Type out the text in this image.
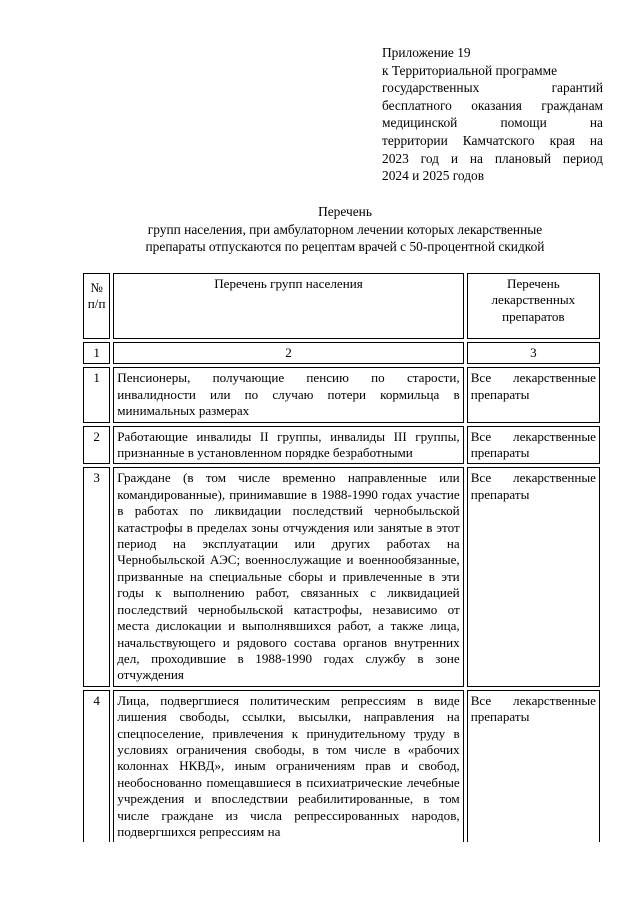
Приложение 19
к Территориальной программе
государственных гарантий
бесплатного оказания гражданам
медицинской помощи на
территории Камчатского края на
2023 год и на плановый период
2024 и 2025 годов
Перечень
групп населения, при амбулаторном лечении которых лекарственные
препараты отпускаются по рецептам врачей с 50-процентной скидкой
№ п/п	Перечень групп населения	Перечень лекарственных препаратов
1	2	3
1	Пенсионеры, получающие пенсию по старости, инвалидности или по случаю потери кормильца в минимальных размерах	Все лекарственные препараты
2	Работающие инвалиды II группы, инвалиды III группы, признанные в установленном порядке безработными	Все лекарственные препараты
3	Граждане (в том числе временно направленные или командированные), принимавшие в 1988-1990 годах участие в работах по ликвидации последствий чернобыльской катастрофы в пределах зоны отчуждения или занятые в этот период на эксплуатации или других работах на Чернобыльской АЭС; военнослужащие и военнообязанные, призванные на специальные сборы и привлеченные в эти годы к выполнению работ, связанных с ликвидацией последствий чернобыльской катастрофы, независимо от места дислокации и выполнявшихся работ, а также лица, начальствующего и рядового состава органов внутренних дел, проходившие в 1988-1990 годах службу в зоне отчуждения	Все лекарственные препараты
4	Лица, подвергшиеся политическим репрессиям в виде лишения свободы, ссылки, высылки, направления на спецпоселение, привлечения к принудительному труду в условиях ограничения свободы, в том числе в «рабочих колоннах НКВД», иным ограничениям прав и свобод, необоснованно помещавшиеся в психиатрические лечебные учреждения и впоследствии реабилитированные, в том числе граждане из числа репрессированных народов, подвергшихся репрессиям на	Все лекарственные препараты
